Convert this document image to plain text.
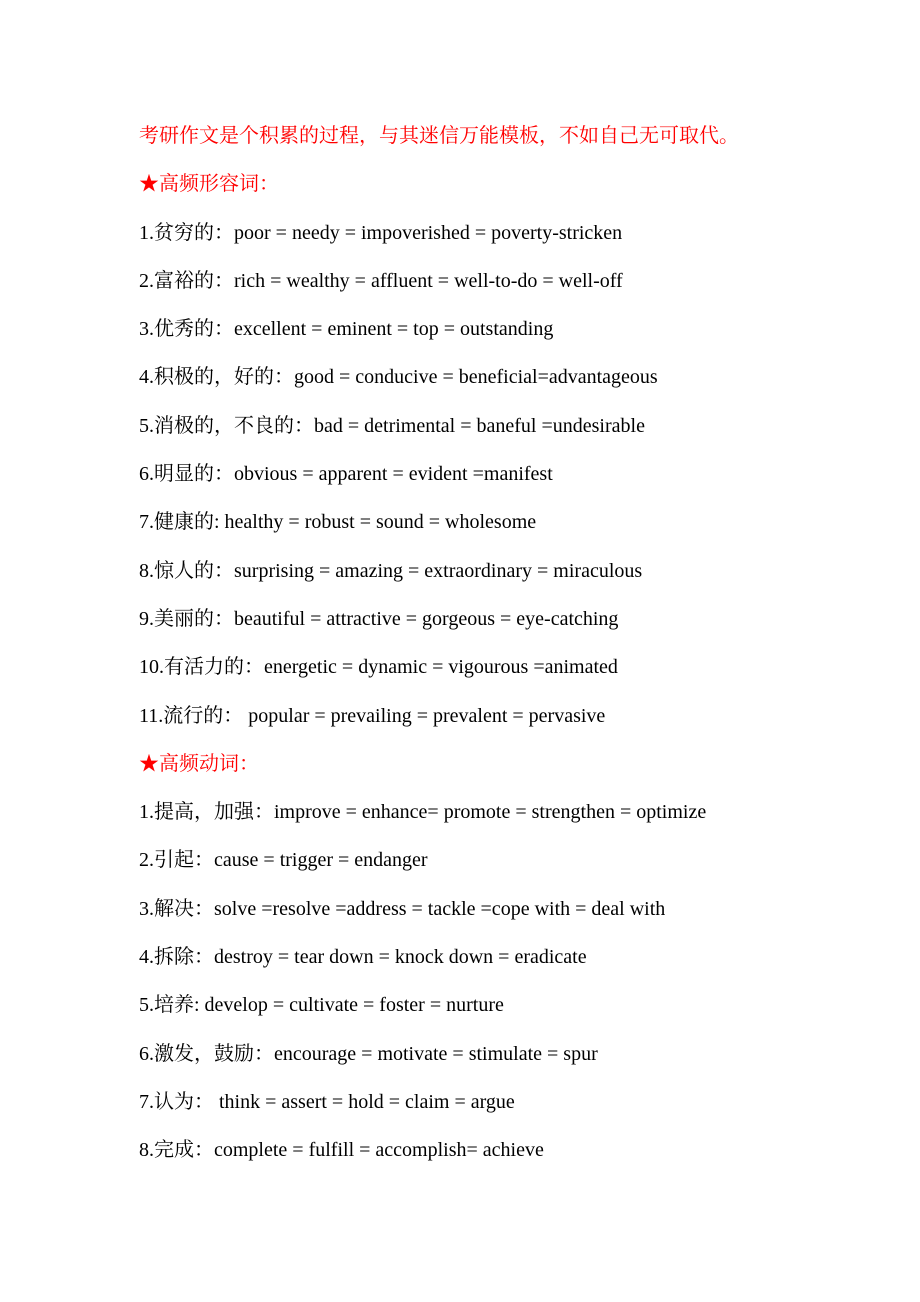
考研作文是个积累的过程，与其迷信万能模板，不如自己无可取代。
★高频形容词：
1.贫穷的：poor = needy = impoverished = poverty-stricken
2.富裕的：rich = wealthy = affluent = well-to-do = well-off
3.优秀的：excellent = eminent = top = outstanding
4.积极的，好的：good = conducive = beneficial=advantageous
5.消极的，不良的：bad = detrimental = baneful =undesirable
6.明显的：obvious = apparent = evident =manifest
7.健康的: healthy = robust = sound = wholesome
8.惊人的：surprising = amazing = extraordinary = miraculous
9.美丽的：beautiful = attractive = gorgeous = eye-catching
10.有活力的：energetic = dynamic = vigourous =animated
11.流行的： popular = prevailing = prevalent = pervasive
★高频动词：
1.提高，加强：improve = enhance= promote = strengthen = optimize
2.引起：cause = trigger = endanger
3.解决：solve =resolve =address = tackle =cope with = deal with
4.拆除：destroy = tear down = knock down = eradicate
5.培养: develop = cultivate = foster = nurture
6.激发，鼓励：encourage = motivate = stimulate = spur
7.认为： think = assert = hold = claim = argue
8.完成：complete = fulfill = accomplish= achieve
